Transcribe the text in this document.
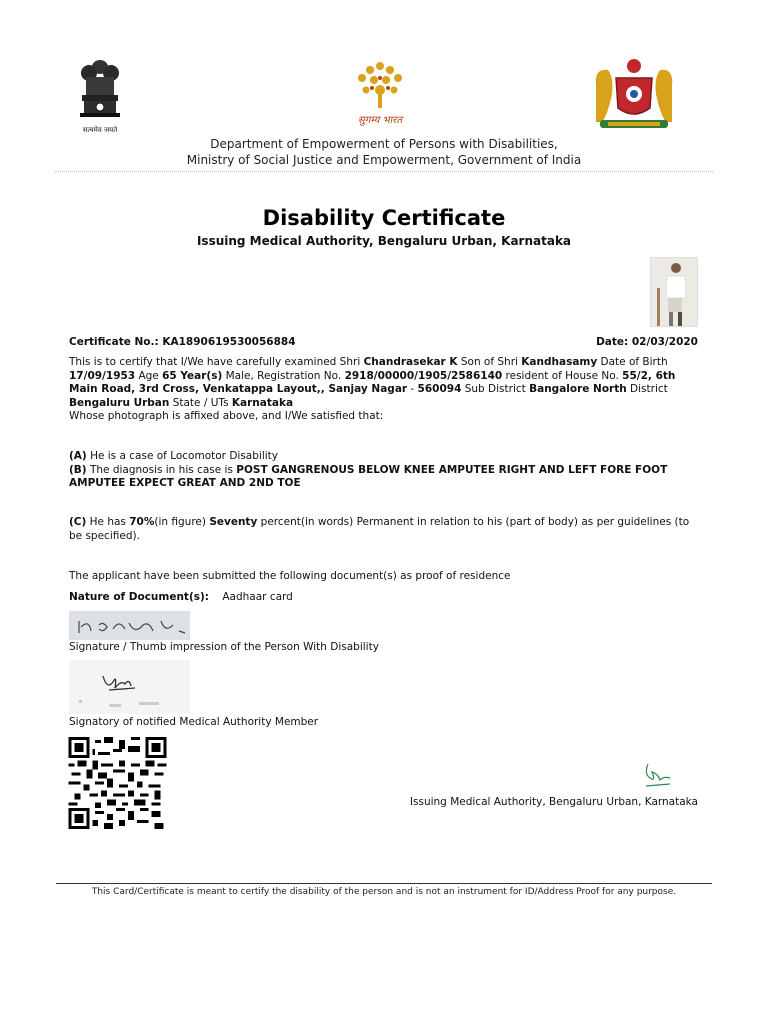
सत्यमेव जयते
सुगम्य भारत
Department of Empowerment of Persons with Disabilities,
Ministry of Social Justice and Empowerment, Government of India
Disability Certificate
Issuing Medical Authority, Bengaluru Urban, Karnataka
Certificate No.: KA1890619530056884	Date: 02/03/2020
This is to certify that I/We have carefully examined Shri Chandrasekar K Son of Shri Kandhasamy Date of Birth 17/09/1953 Age 65 Year(s) Male, Registration No. 2918/00000/1905/2586140 resident of House No. 55/2, 6th Main Road, 3rd Cross, Venkatappa Layout,, Sanjay Nagar - 560094 Sub District Bangalore North District Bengaluru Urban State / UTs Karnataka
Whose photograph is affixed above, and I/We satisfied that:
(A) He is a case of Locomotor Disability
(B) The diagnosis in his case is POST GANGRENOUS BELOW KNEE AMPUTEE RIGHT AND LEFT FORE FOOT AMPUTEE EXPECT GREAT AND 2ND TOE
(C) He has 70%(in figure) Seventy percent(in words) Permanent in relation to his (part of body) as per guidelines (to be specified).
The applicant have been submitted the following document(s) as proof of residence
Nature of Document(s): Aadhaar card
Signature / Thumb impression of the Person With Disability
Signatory of notified Medical Authority Member
Issuing Medical Authority, Bengaluru Urban, Karnataka
This Card/Certificate is meant to certify the disability of the person and is not an instrument for ID/Address Proof for any purpose.
